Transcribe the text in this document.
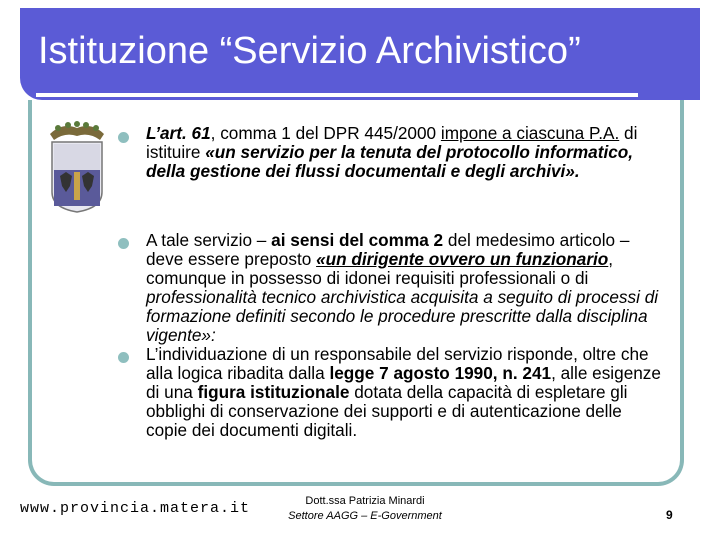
Istituzione “Servizio Archivistico”
L’art. 61, comma 1 del DPR 445/2000 impone a ciascuna P.A. di istituire «un servizio per la tenuta del protocollo informatico, della gestione dei flussi documentali e degli archivi».
A tale servizio – ai sensi del comma 2 del medesimo articolo – deve essere preposto «un dirigente ovvero un funzionario, comunque in possesso di idonei requisiti professionali o di professionalità tecnico archivistica acquisita a seguito di processi di formazione definiti secondo le procedure prescritte dalla disciplina vigente»:
L’individuazione di un responsabile del servizio risponde, oltre che alla logica ribadita dalla legge 7 agosto 1990, n. 241, alle esigenze di una figura istituzionale dotata della capacità di espletare gli obblighi di conservazione dei supporti e di autenticazione delle copie dei documenti digitali.
www.provincia.matera.it	Dott.ssa Patrizia Minardi
Settore AAGG – E-Government	9
